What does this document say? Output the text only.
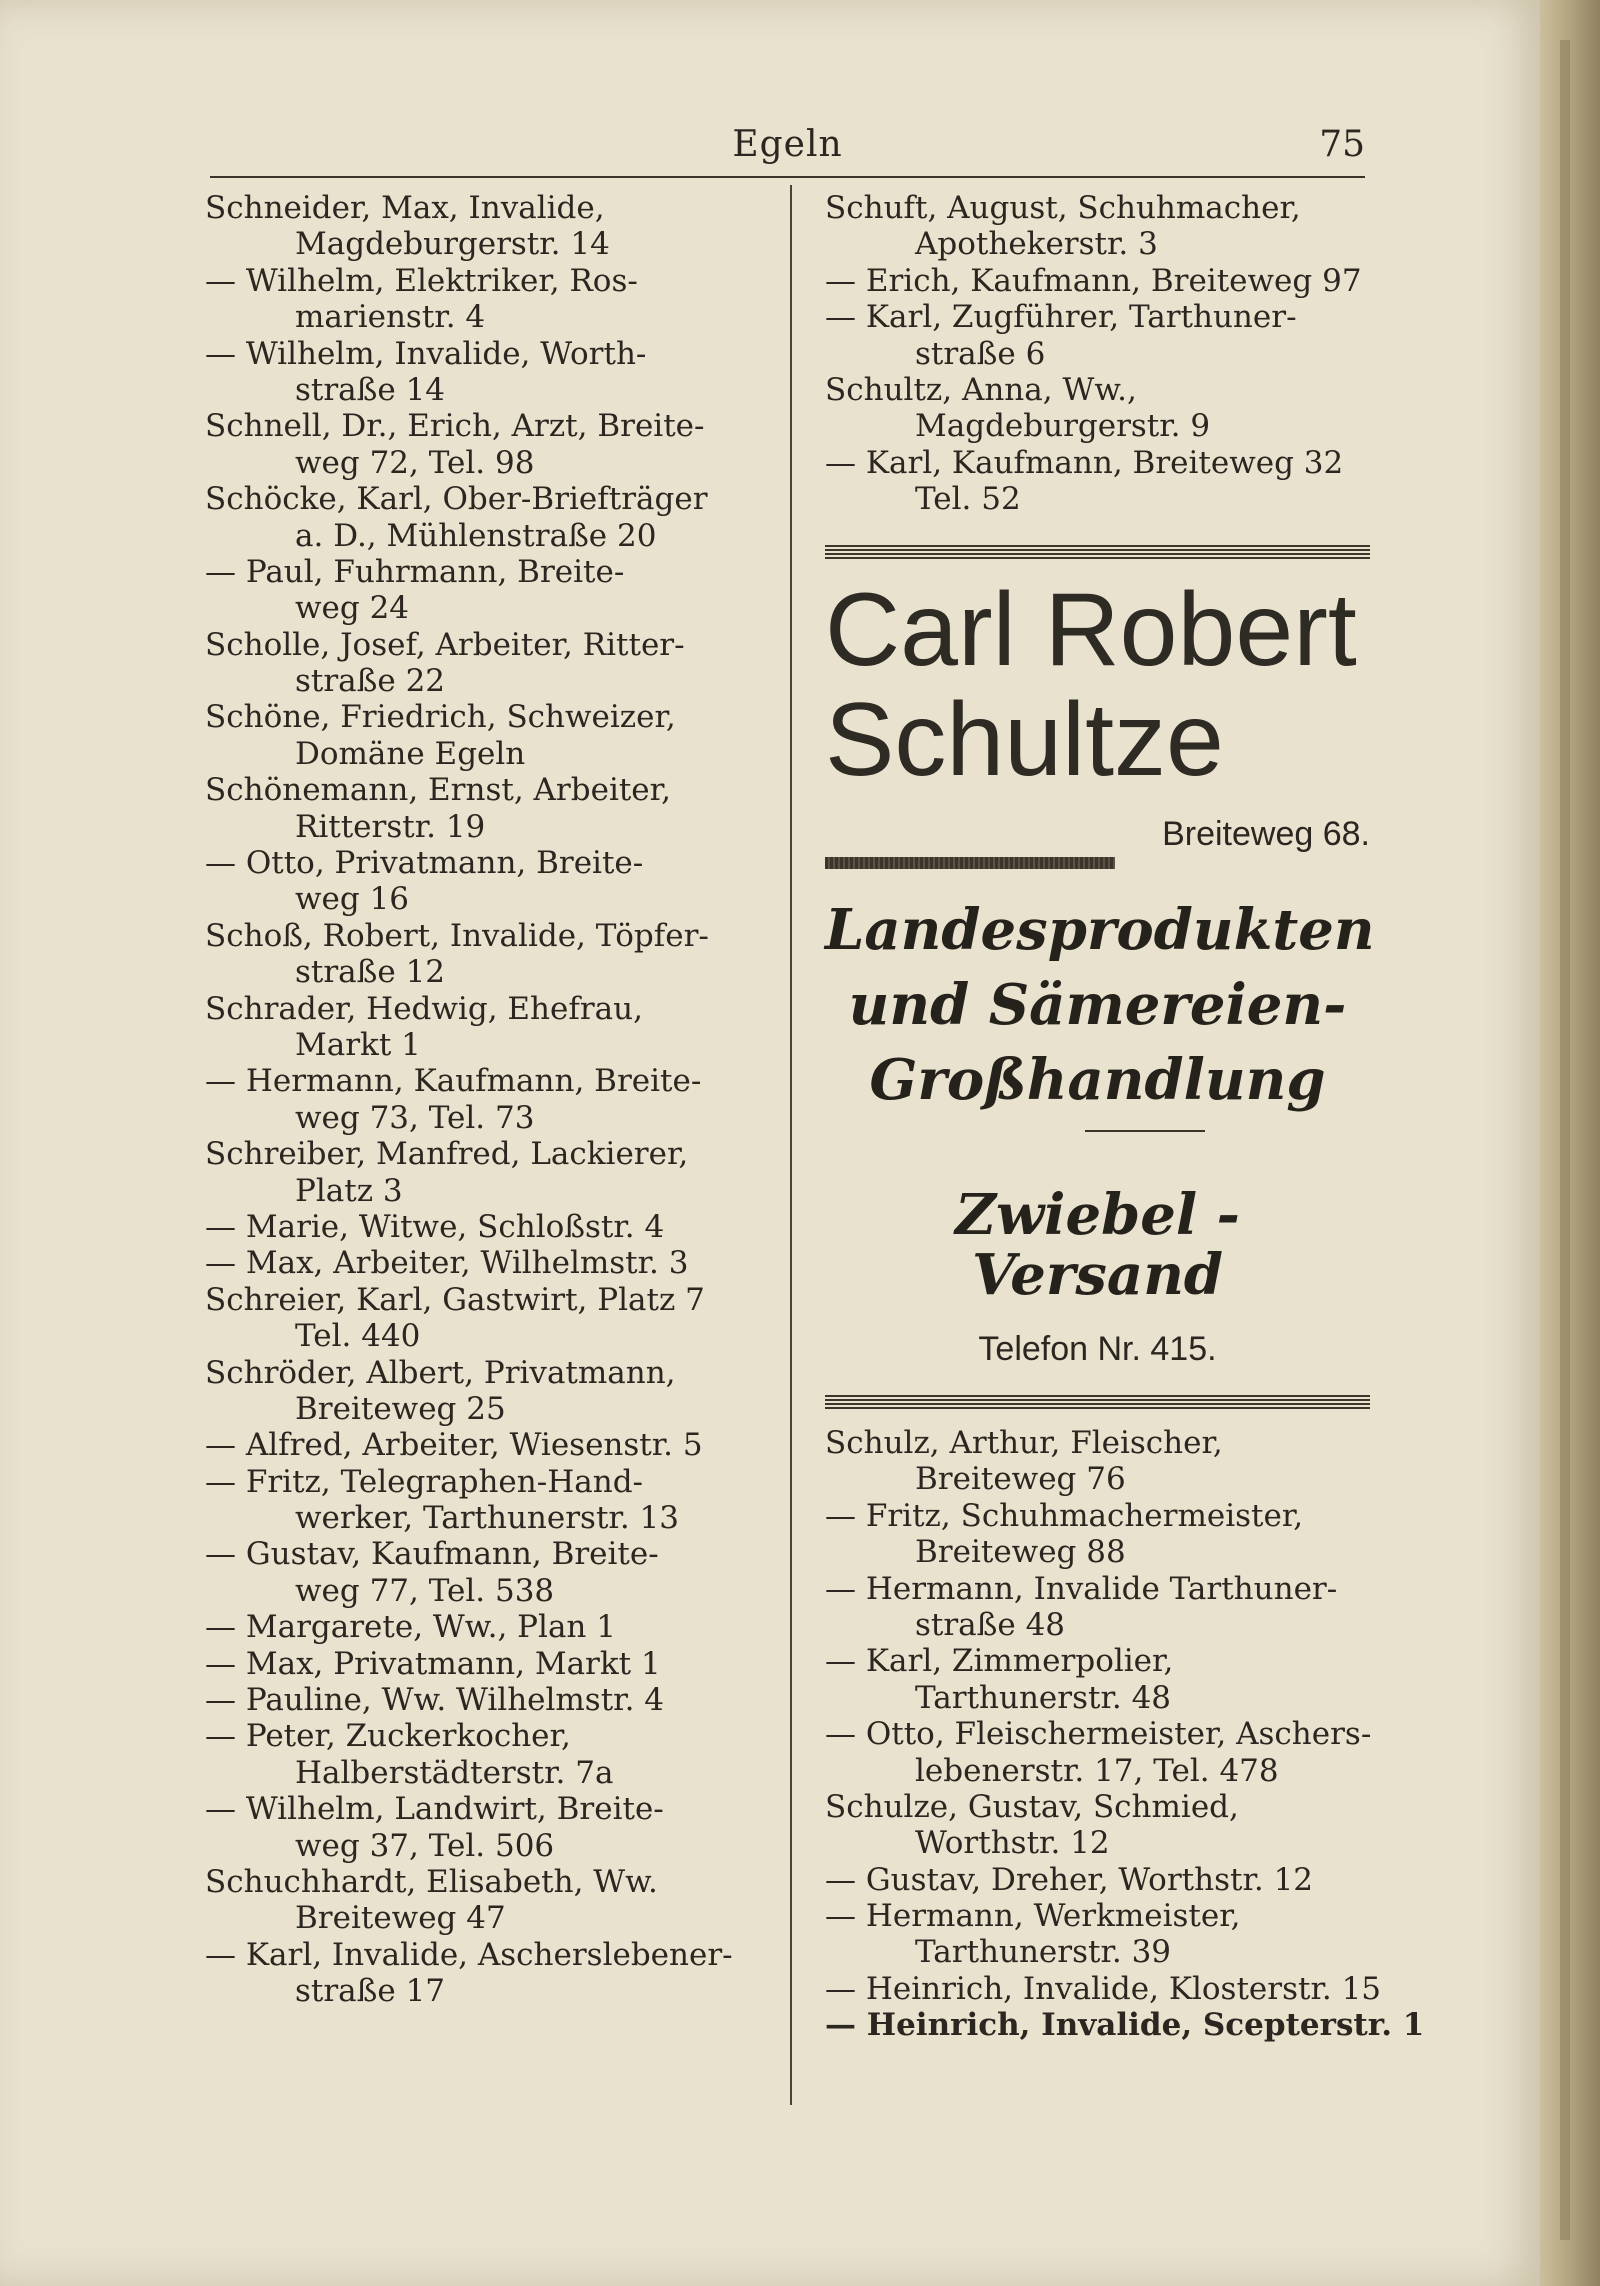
Egeln	75
Schneider, Max, Invalide,
Magdeburgerstr. 14
— Wilhelm, Elektriker, Ros-
marienstr. 4
— Wilhelm, Invalide, Worth-
straße 14
Schnell, Dr., Erich, Arzt, Breite-
weg 72, Tel. 98
Schöcke, Karl, Ober-Briefträger
a. D., Mühlenstraße 20
— Paul, Fuhrmann, Breite-
weg 24
Scholle, Josef, Arbeiter, Ritter-
straße 22
Schöne, Friedrich, Schweizer,
Domäne Egeln
Schönemann, Ernst, Arbeiter,
Ritterstr. 19
— Otto, Privatmann, Breite-
weg 16
Schoß, Robert, Invalide, Töpfer-
straße 12
Schrader, Hedwig, Ehefrau,
Markt 1
— Hermann, Kaufmann, Breite-
weg 73, Tel. 73
Schreiber, Manfred, Lackierer,
Platz 3
— Marie, Witwe, Schloßstr. 4
— Max, Arbeiter, Wilhelmstr. 3
Schreier, Karl, Gastwirt, Platz 7
Tel. 440
Schröder, Albert, Privatmann,
Breiteweg 25
— Alfred, Arbeiter, Wiesenstr. 5
— Fritz, Telegraphen-Hand-
werker, Tarthunerstr. 13
— Gustav, Kaufmann, Breite-
weg 77, Tel. 538
— Margarete, Ww., Plan 1
— Max, Privatmann, Markt 1
— Pauline, Ww. Wilhelmstr. 4
— Peter, Zuckerkocher,
Halberstädterstr. 7a
— Wilhelm, Landwirt, Breite-
weg 37, Tel. 506
Schuchhardt, Elisabeth, Ww.
Breiteweg 47
— Karl, Invalide, Ascherslebener-
straße 17
Schuft, August, Schuhmacher,
Apothekerstr. 3
— Erich, Kaufmann, Breiteweg 97
— Karl, Zugführer, Tarthuner-
straße 6
Schultz, Anna, Ww.,
Magdeburgerstr. 9
— Karl, Kaufmann, Breiteweg 32
Tel. 52
Carl Robert
Schultze
Breiteweg 68.
Landesprodukten
und Sämereien-
Großhandlung
Zwiebel - Versand
Telefon Nr. 415.
Schulz, Arthur, Fleischer,
Breiteweg 76
— Fritz, Schuhmachermeister,
Breiteweg 88
— Hermann, Invalide Tarthuner-
straße 48
— Karl, Zimmerpolier,
Tarthunerstr. 48
— Otto, Fleischermeister, Aschers-
lebenerstr. 17, Tel. 478
Schulze, Gustav, Schmied,
Worthstr. 12
— Gustav, Dreher, Worthstr. 12
— Hermann, Werkmeister,
Tarthunerstr. 39
— Heinrich, Invalide, Klosterstr. 15
— Heinrich, Invalide, Scepterstr. 1
